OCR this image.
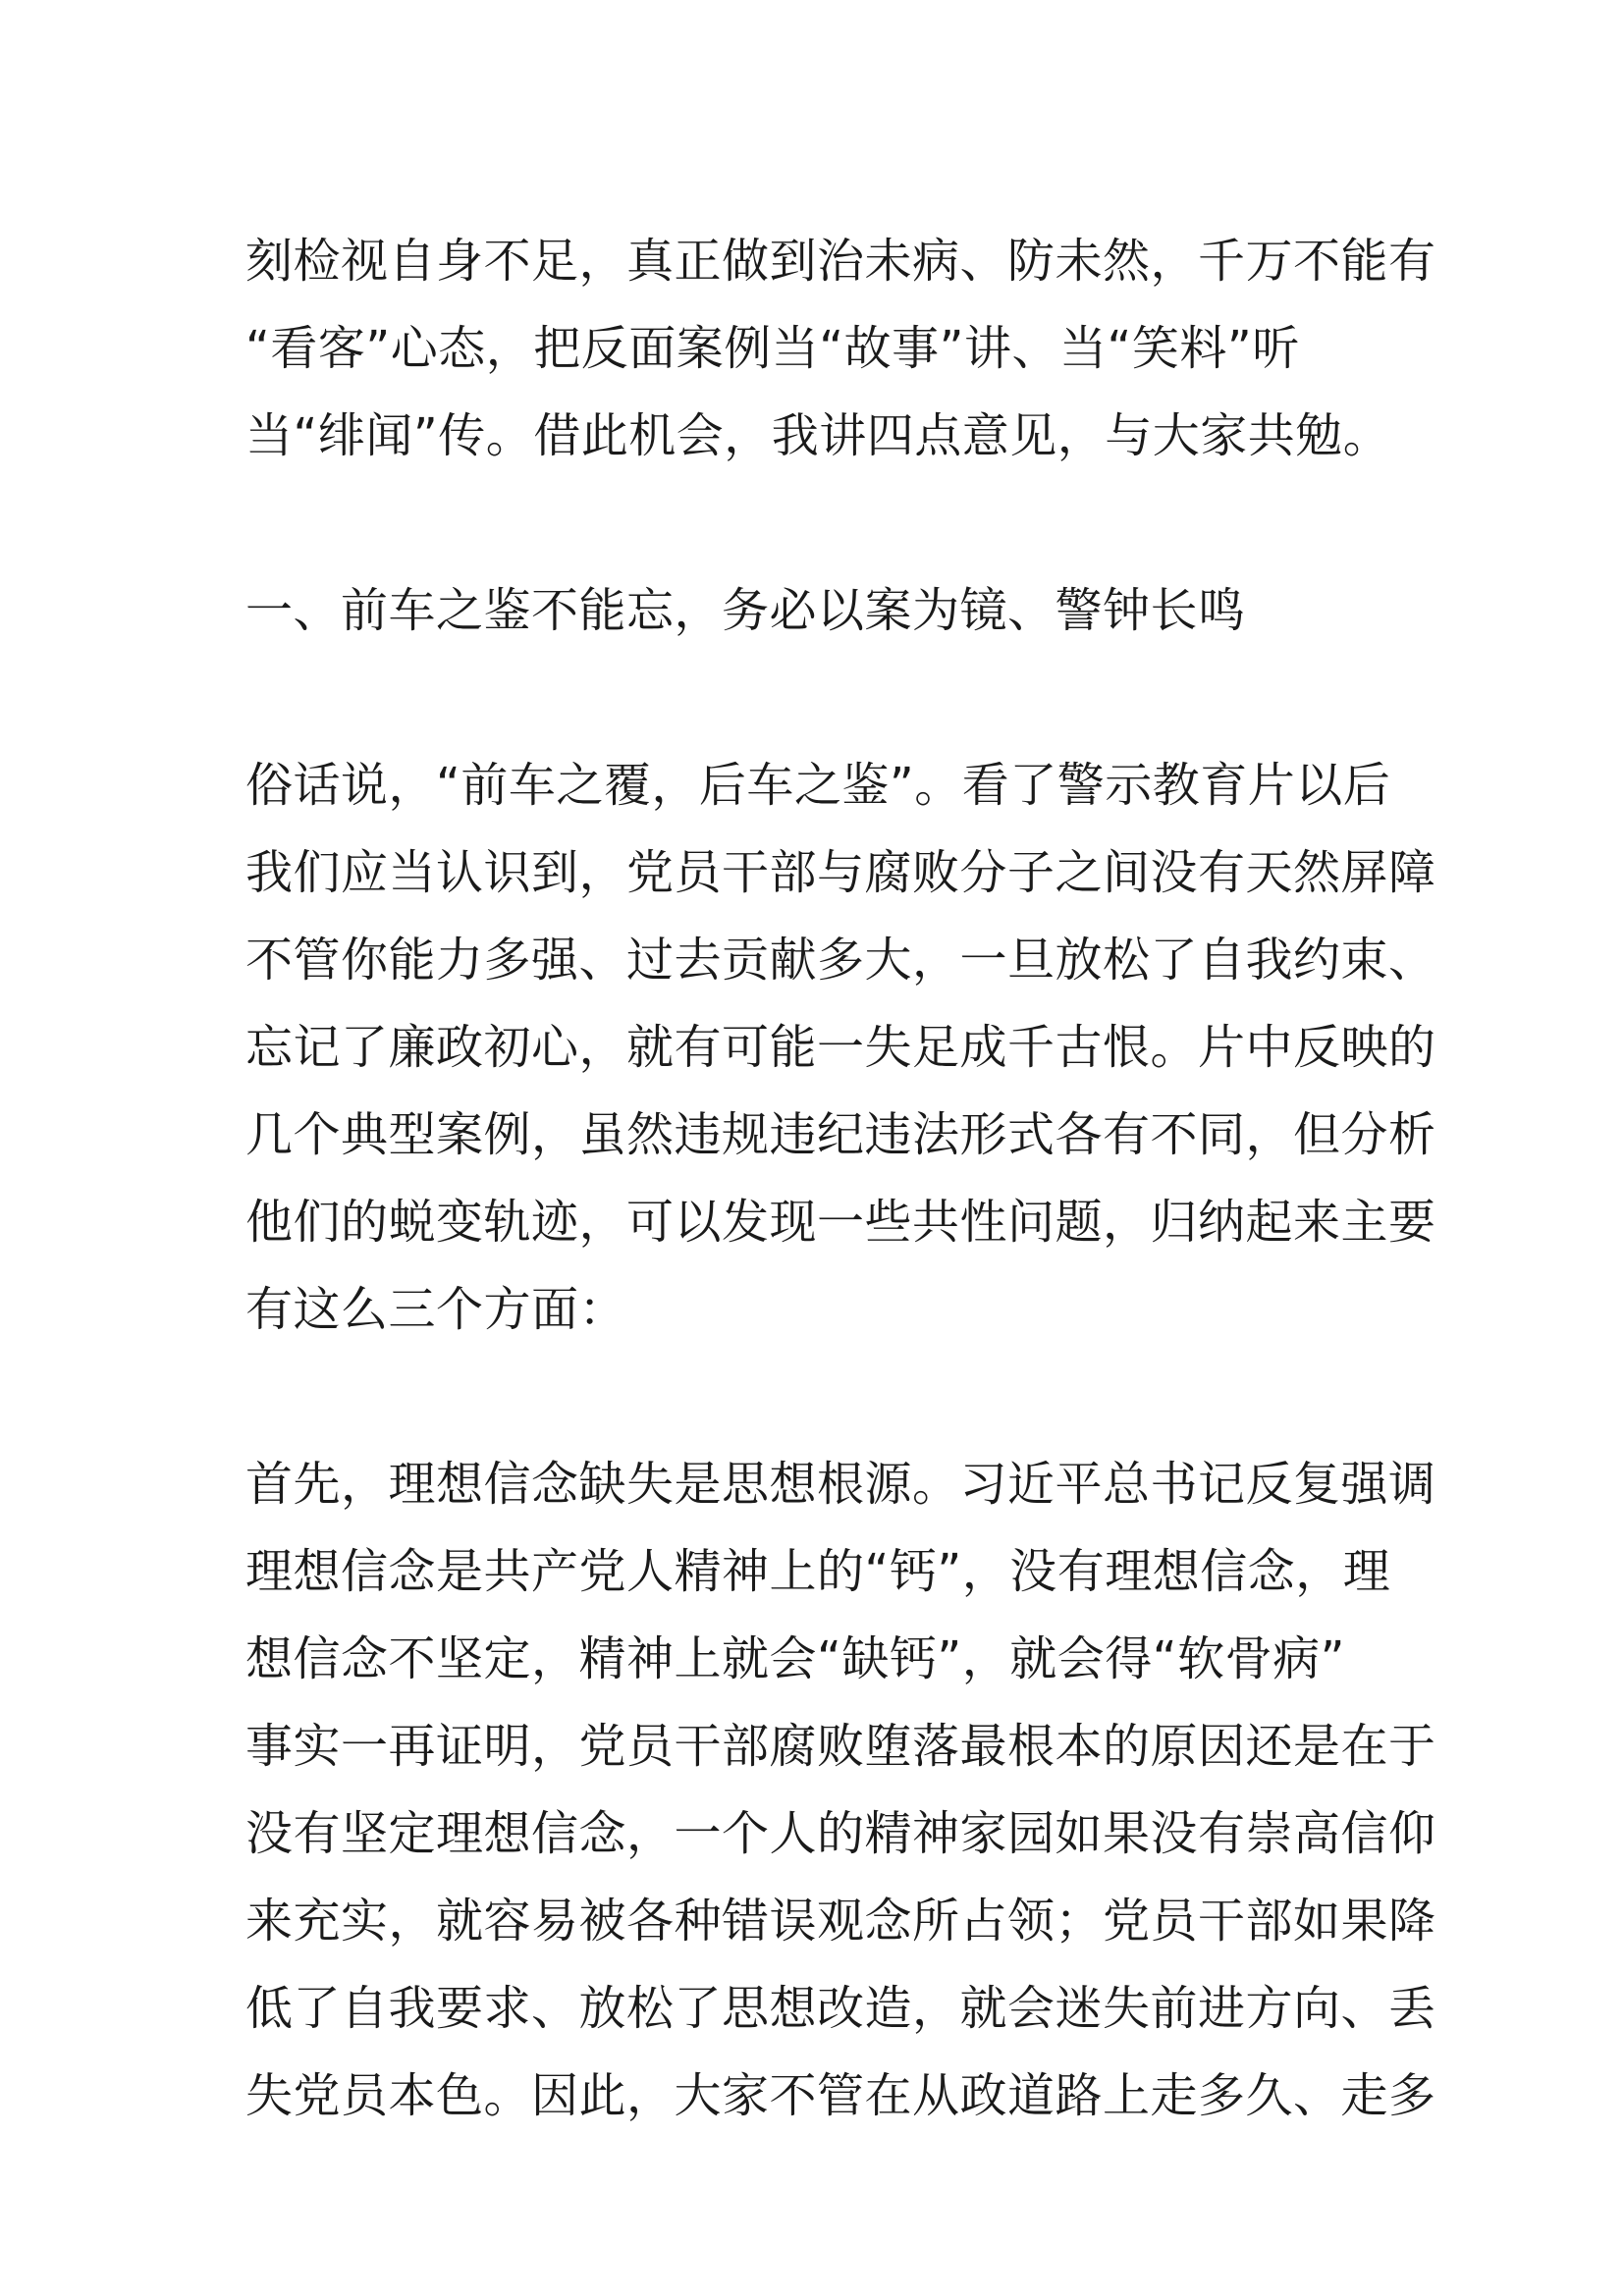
刻检视自身不足，真正做到治未病、防未然，千万不能有
“看客”心态，把反面案例当“故事”讲、当“笑料”听
当“绯闻”传。借此机会，我讲四点意见，与大家共勉。
一、前车之鉴不能忘，务必以案为镜、警钟长鸣
俗话说，“前车之覆，后车之鉴”。看了警示教育片以后
我们应当认识到，党员干部与腐败分子之间没有天然屏障
不管你能力多强、过去贡献多大，一旦放松了自我约束、
忘记了廉政初心，就有可能一失足成千古恨。片中反映的
几个典型案例，虽然违规违纪违法形式各有不同，但分析
他们的蜕变轨迹，可以发现一些共性问题，归纳起来主要
有这么三个方面：
首先，理想信念缺失是思想根源。习近平总书记反复强调
理想信念是共产党人精神上的“钙”，没有理想信念，理
想信念不坚定，精神上就会“缺钙”，就会得“软骨病”
事实一再证明，党员干部腐败堕落最根本的原因还是在于
没有坚定理想信念，一个人的精神家园如果没有崇高信仰
来充实，就容易被各种错误观念所占领；党员干部如果降
低了自我要求、放松了思想改造，就会迷失前进方向、丢
失党员本色。因此，大家不管在从政道路上走多久、走多
